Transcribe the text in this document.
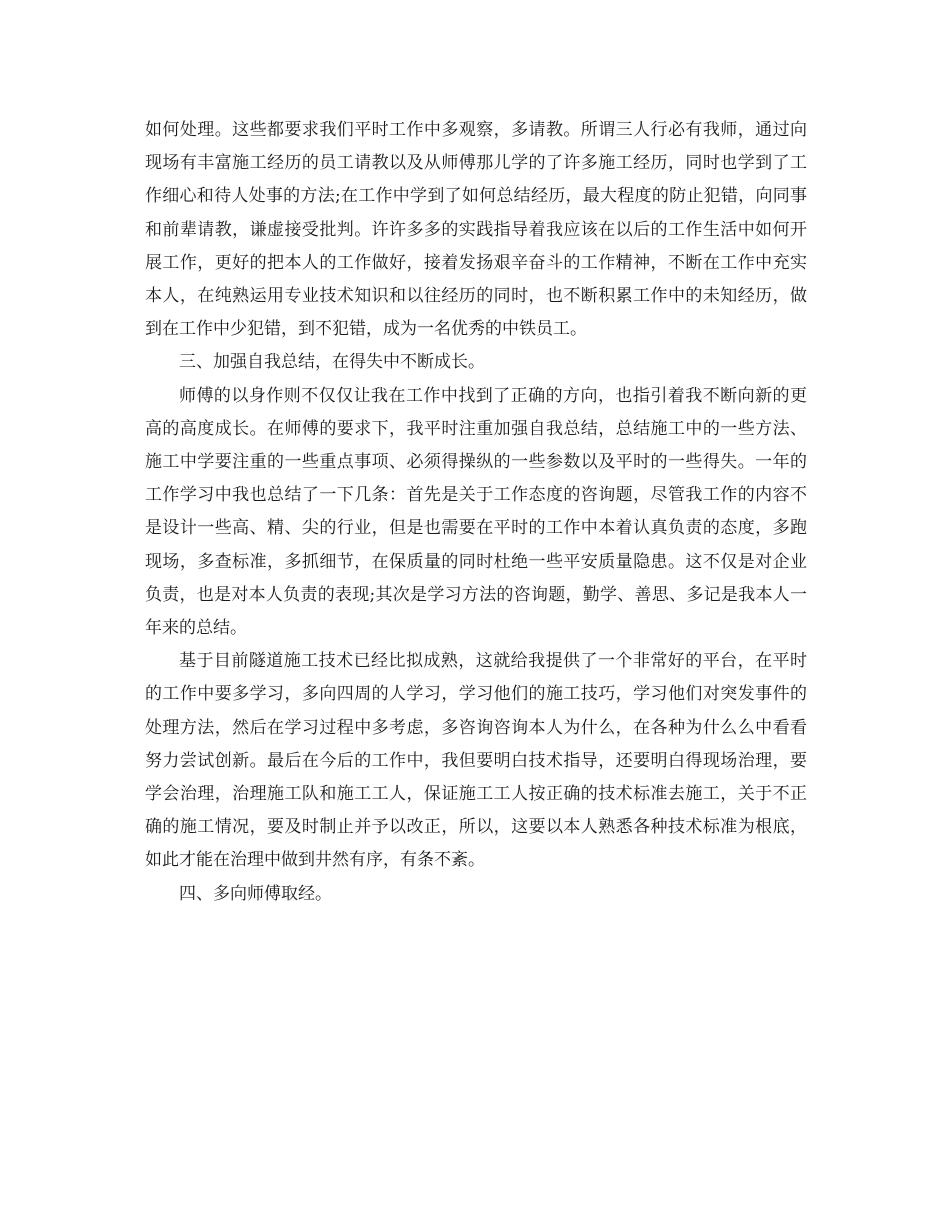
如何处理。这些都要求我们平时工作中多观察，多请教。所谓三人行必有我师，通过向现场有丰富施工经历的员工请教以及从师傅那儿学的了许多施工经历，同时也学到了工作细心和待人处事的方法;在工作中学到了如何总结经历，最大程度的防止犯错，向同事和前辈请教，谦虚接受批判。许许多多的实践指导着我应该在以后的工作生活中如何开展工作，更好的把本人的工作做好，接着发扬艰辛奋斗的工作精神，不断在工作中充实本人，在纯熟运用专业技术知识和以往经历的同时，也不断积累工作中的未知经历，做到在工作中少犯错，到不犯错，成为一名优秀的中铁员工。

三、加强自我总结，在得失中不断成长。

师傅的以身作则不仅仅让我在工作中找到了正确的方向，也指引着我不断向新的更高的高度成长。在师傅的要求下，我平时注重加强自我总结，总结施工中的一些方法、施工中学要注重的一些重点事项、必须得操纵的一些参数以及平时的一些得失。一年的工作学习中我也总结了一下几条：首先是关于工作态度的咨询题，尽管我工作的内容不是设计一些高、精、尖的行业，但是也需要在平时的工作中本着认真负责的态度，多跑现场，多查标准，多抓细节，在保质量的同时杜绝一些平安质量隐患。这不仅是对企业负责，也是对本人负责的表现;其次是学习方法的咨询题，勤学、善思、多记是我本人一年来的总结。

基于目前隧道施工技术已经比拟成熟，这就给我提供了一个非常好的平台，在平时的工作中要多学习，多向四周的人学习，学习他们的施工技巧，学习他们对突发事件的处理方法，然后在学习过程中多考虑，多咨询咨询本人为什么，在各种为什么么中看看努力尝试创新。最后在今后的工作中，我但要明白技术指导，还要明白得现场治理，要学会治理，治理施工队和施工工人，保证施工工人按正确的技术标准去施工，关于不正确的施工情况，要及时制止并予以改正，所以，这要以本人熟悉各种技术标准为根底，如此才能在治理中做到井然有序，有条不紊。

四、多向师傅取经。
